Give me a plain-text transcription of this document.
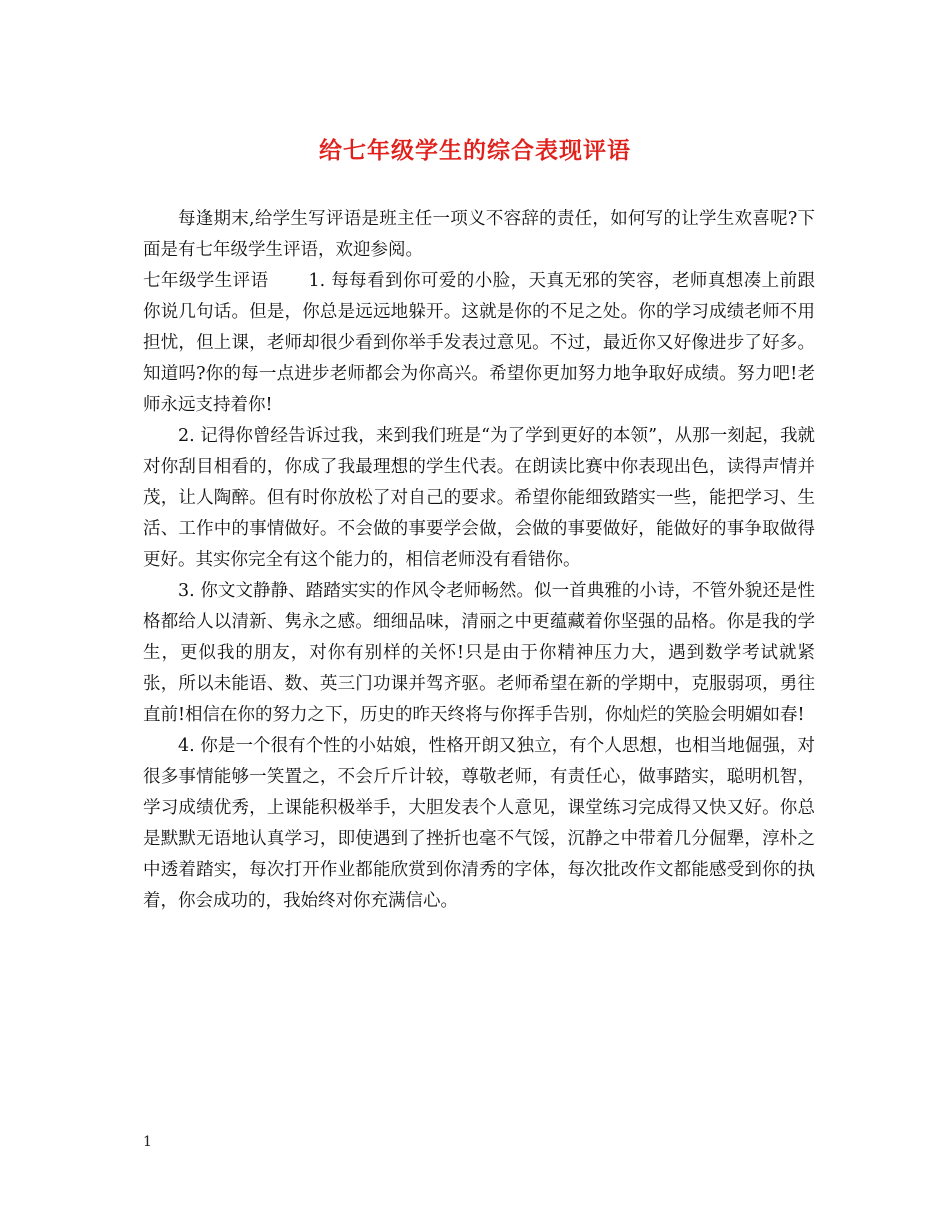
给七年级学生的综合表现评语

每逢期末,给学生写评语是班主任一项义不容辞的责任，如何写的让学生欢喜呢?下面是有七年级学生评语，欢迎参阅。

七年级学生评语 1. 每每看到你可爱的小脸，天真无邪的笑容，老师真想凑上前跟你说几句话。但是，你总是远远地躲开。这就是你的不足之处。你的学习成绩老师不用担忧，但上课，老师却很少看到你举手发表过意见。不过，最近你又好像进步了好多。知道吗?你的每一点进步老师都会为你高兴。希望你更加努力地争取好成绩。努力吧!老师永远支持着你!

2. 记得你曾经告诉过我，来到我们班是“为了学到更好的本领”，从那一刻起，我就对你刮目相看的，你成了我最理想的学生代表。在朗读比赛中你表现出色，读得声情并茂，让人陶醉。但有时你放松了对自己的要求。希望你能细致踏实一些，能把学习、生活、工作中的事情做好。不会做的事要学会做，会做的事要做好，能做好的事争取做得更好。其实你完全有这个能力的，相信老师没有看错你。

3. 你文文静静、踏踏实实的作风令老师畅然。似一首典雅的小诗，不管外貌还是性格都给人以清新、隽永之感。细细品味，清丽之中更蕴藏着你坚强的品格。你是我的学生，更似我的朋友，对你有别样的关怀!只是由于你精神压力大，遇到数学考试就紧张，所以未能语、数、英三门功课并驾齐驱。老师希望在新的学期中，克服弱项，勇往直前!相信在你的努力之下，历史的昨天终将与你挥手告别，你灿烂的笑脸会明媚如春!

4. 你是一个很有个性的小姑娘，性格开朗又独立，有个人思想，也相当地倔强，对很多事情能够一笑置之，不会斤斤计较，尊敬老师，有责任心，做事踏实，聪明机智，学习成绩优秀，上课能积极举手，大胆发表个人意见，课堂练习完成得又快又好。你总是默默无语地认真学习，即使遇到了挫折也毫不气馁，沉静之中带着几分倔犟，淳朴之中透着踏实，每次打开作业都能欣赏到你清秀的字体，每次批改作文都能感受到你的执着，你会成功的，我始终对你充满信心。

1
